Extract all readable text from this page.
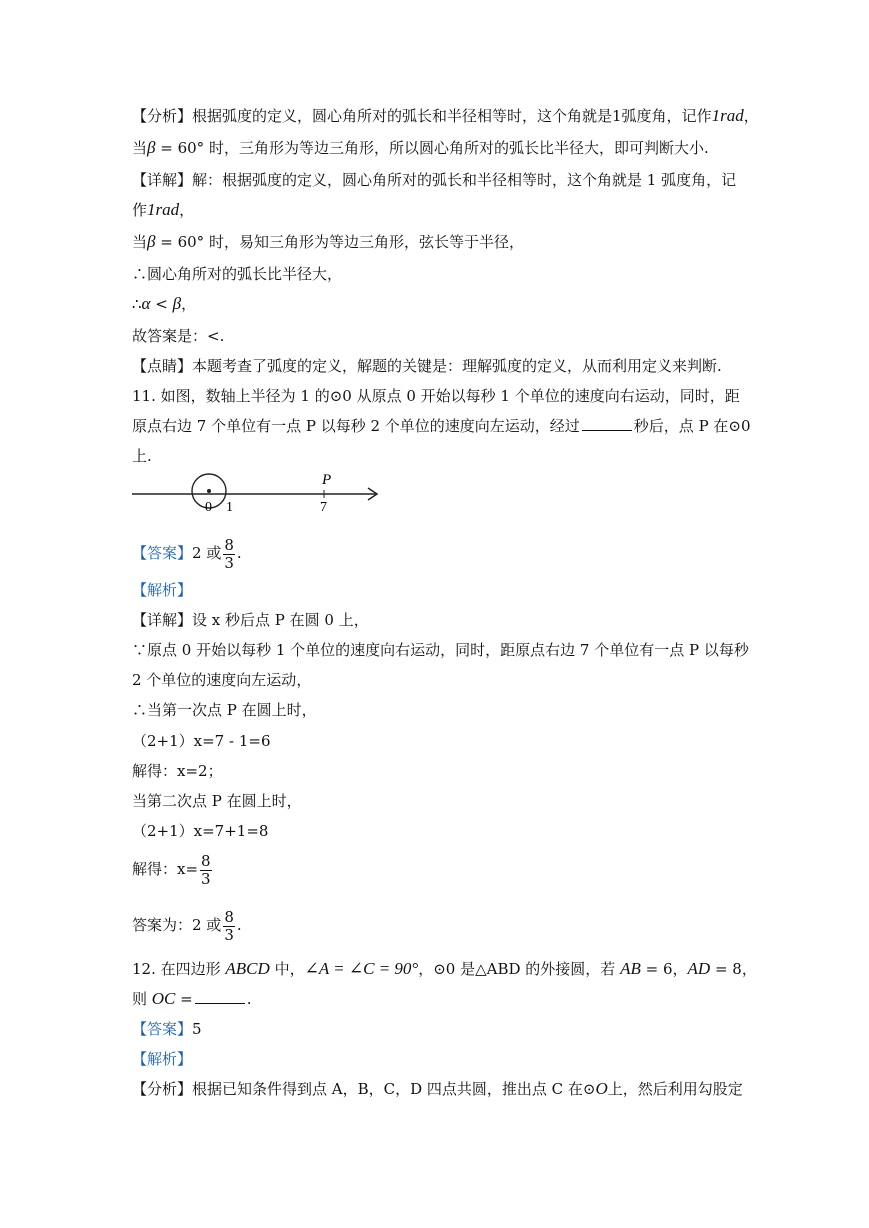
【分析】根据弧度的定义，圆心角所对的弧长和半径相等时，这个角就是1弧度角，记作1rad，
当β = 60° 时，三角形为等边三角形，所以圆心角所对的弧长比半径大，即可判断大小.
【详解】解：根据弧度的定义，圆心角所对的弧长和半径相等时，这个角就是 1 弧度角，记
作1rad，
当β = 60° 时，易知三角形为等边三角形，弦长等于半径，
∴圆心角所对的弧长比半径大，
∴α < β，
故答案是：<.
【点睛】本题考查了弧度的定义，解题的关键是：理解弧度的定义，从而利用定义来判断.
11. 如图，数轴上半径为 1 的⊙0 从原点 0 开始以每秒 1 个单位的速度向右运动，同时，距
原点右边 7 个单位有一点 P 以每秒 2 个单位的速度向左运动，经过	秒后，点 P 在⊙0
上.
P
0 1	7
【答案】2 或 $\frac{8}{3}$ .
【解析】
【详解】设 x 秒后点 P 在圆 0 上，
∵原点 0 开始以每秒 1 个单位的速度向右运动，同时，距原点右边 7 个单位有一点 P 以每秒
2 个单位的速度向左运动，
∴当第一次点 P 在圆上时，
（2+1）x=7 - 1=6
解得：x=2；
当第二次点 P 在圆上时，
（2+1）x=7+1=8
解得：$x= \frac{8}{3}$
答案为：2 或 $\frac{8}{3}$ .
12. 在四边形 ABCD 中，∠A = ∠C = 90°，⊙0 是△ABD 的外接圆，若 AB = 6，AD = 8，
则 OC =	.
【答案】5
【解析】
【分析】根据已知条件得到点 A，B，C，D 四点共圆，推出点 C 在⊙O上，然后利用勾股定
